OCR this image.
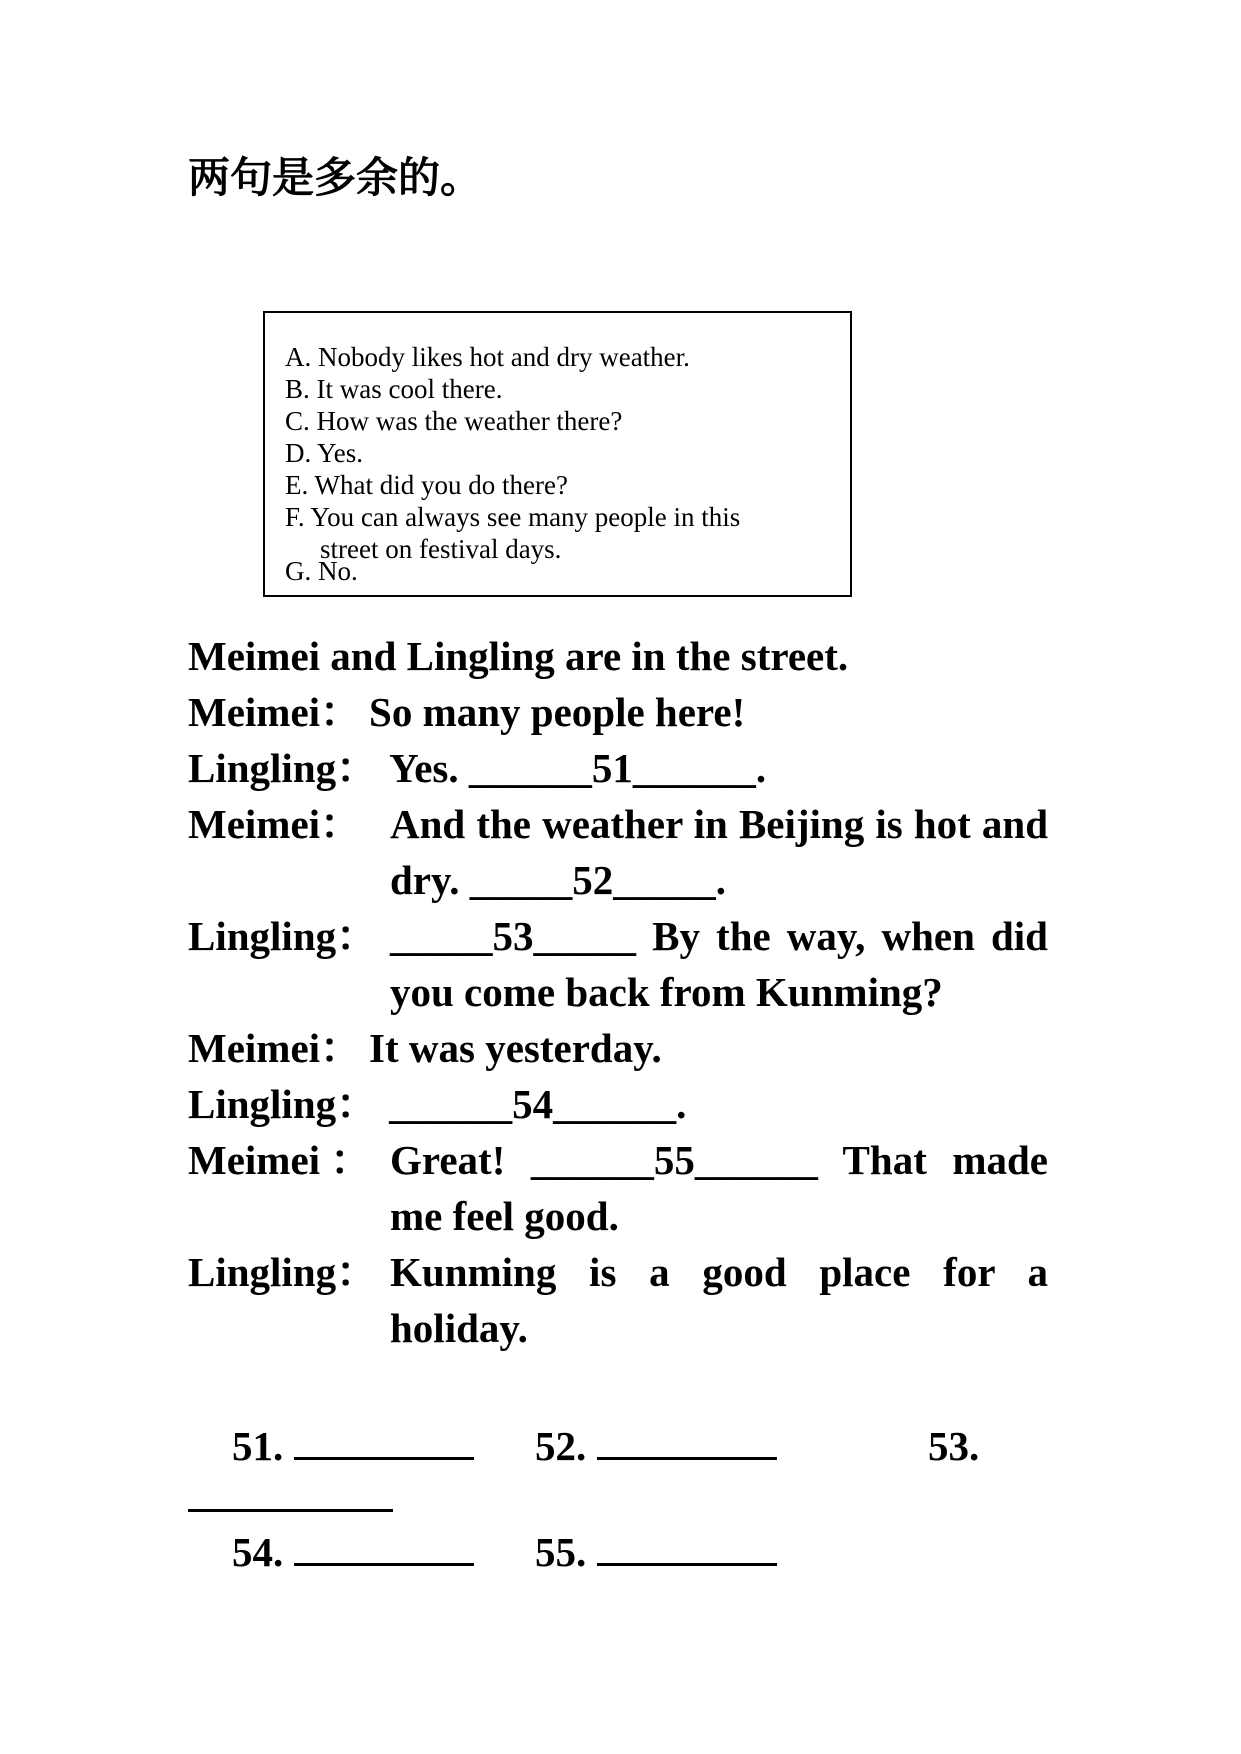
两句是多余的。
A. Nobody likes hot and dry weather.
B. It was cool there.
C. How was the weather there?
D. Yes.
E. What did you do there?
F. You can always see many people in this
street on festival days.
G. No.
Meimei and Lingling are in the street.
Meimei： So many people here!
Lingling： Yes. ______51______.
Meimei： And the weather in Beijing is hot and dry. _____52_____.
Lingling： _____53_____ By the way, when did you come back from Kunming?
Meimei： It was yesterday.
Lingling： ______54______.
Meimei ： Great! ______55______ That made me feel good.
Lingling： Kunming is a good place for a holiday.
51.	52.	53.
54.	55.
